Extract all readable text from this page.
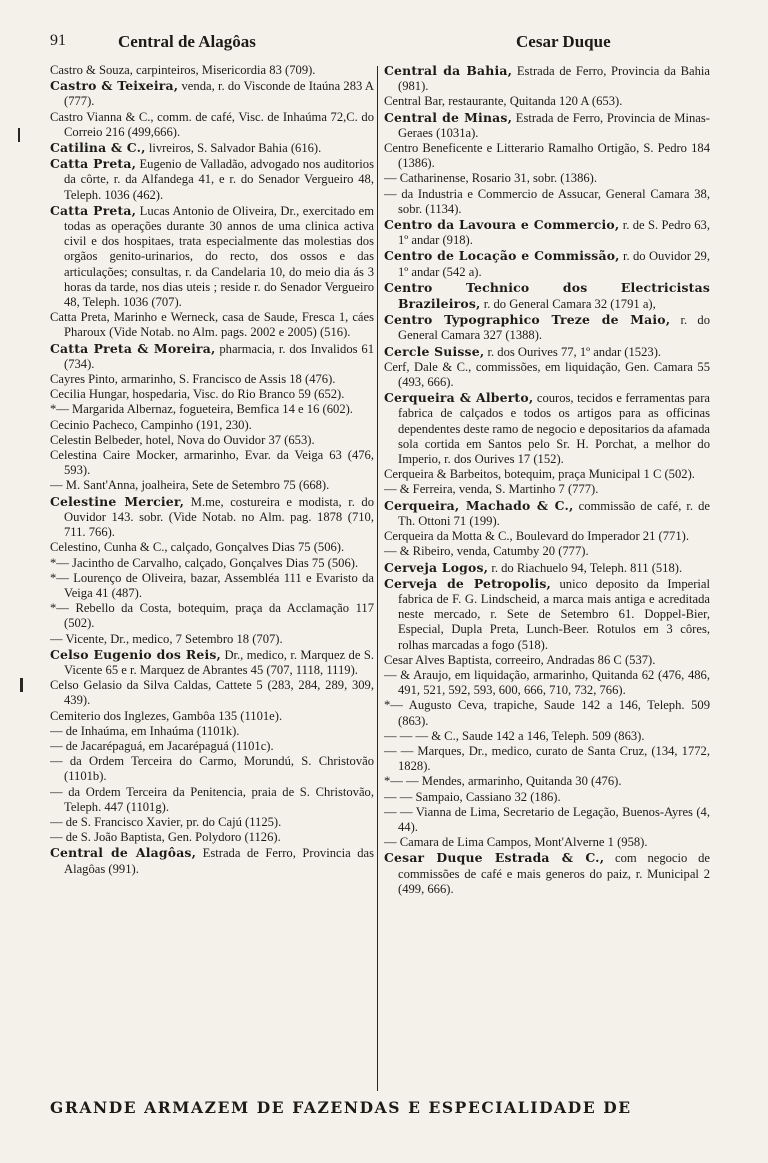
91	Central de Alagôas	Cesar Duque

Castro & Souza, carpinteiros, Misericordia 83 (709).

Castro & Teixeira, venda, r. do Visconde de Itaúna 283 A (777).

Castro Vianna & C., comm. de café, Visc. de Inhaúma 72,C. do Correio 216 (499,666).

Catilina & C., livreiros, S. Salvador Bahia (616).

Catta Preta, Eugenio de Valladão, advogado nos auditorios da côrte, r. da Alfandega 41, e r. do Senador Vergueiro 48, Teleph. 1036 (462).

Catta Preta, Lucas Antonio de Oliveira, Dr., exercitado em todas as operações durante 30 annos de uma clinica activa civil e dos hospitaes, trata especialmente das molestias dos orgãos genito-urinarios, do recto, dos ossos e das articulações; consultas, r. da Candelaria 10, do meio dia ás 3 horas da tarde, nos dias uteis ; reside r. do Senador Vergueiro 48, Teleph. 1036 (707).

Catta Preta, Marinho e Werneck, casa de Saude, Fresca 1, cáes Pharoux (Vide Notab. no Alm. pags. 2002 e 2005) (516).

Catta Preta & Moreira, pharmacia, r. dos Invalidos 61 (734).

Cayres Pinto, armarinho, S. Francisco de Assis 18 (476).

Cecilia Hungar, hospedaria, Visc. do Rio Branco 59 (652).

*— Margarida Albernaz, fogueteira, Bemfica 14 e 16 (602).

Cecinio Pacheco, Campinho (191, 230).

Celestin Belbeder, hotel, Nova do Ouvidor 37 (653).

Celestina Caire Mocker, armarinho, Evar. da Veiga 63 (476, 593).

— M. Sant'Anna, joalheira, Sete de Setembro 75 (668).

Celestine Mercier, M.me, costureira e modista, r. do Ouvidor 143. sobr. (Vide Notab. no Alm. pag. 1878 (710, 711. 766).

Celestino, Cunha & C., calçado, Gonçalves Dias 75 (506).

*— Jacintho de Carvalho, calçado, Gonçalves Dias 75 (506).

*— Lourenço de Oliveira, bazar, Assembléa 111 e Evaristo da Veiga 41 (487).

*— Rebello da Costa, botequim, praça da Acclamação 117 (502).

— Vicente, Dr., medico, 7 Setembro 18 (707).

Celso Eugenio dos Reis, Dr., medico, r. Marquez de S. Vicente 65 e r. Marquez de Abrantes 45 (707, 1118, 1119).

Celso Gelasio da Silva Caldas, Cattete 5 (283, 284, 289, 309, 439).

Cemiterio dos Inglezes, Gambôa 135 (1101e).

— de Inhaúma, em Inhaúma (1101k).

— de Jacarépaguá, em Jacarépaguá (1101c).

— da Ordem Terceira do Carmo, Morundú, S. Christovão (1101b).

— da Ordem Terceira da Penitencia, praia de S. Christovão, Teleph. 447 (1101g).

— de S. Francisco Xavier, pr. do Cajú (1125).

— de S. João Baptista, Gen. Polydoro (1126).

Central de Alagôas, Estrada de Ferro, Provincia das Alagôas (991).

Central da Bahia, Estrada de Ferro, Provincia da Bahia (981).

Central Bar, restaurante, Quitanda 120 A (653).

Central de Minas, Estrada de Ferro, Provincia de Minas-Geraes (1031a).

Centro Beneficente e Litterario Ramalho Ortigão, S. Pedro 184 (1386).

— Catharinense, Rosario 31, sobr. (1386).

— da Industria e Commercio de Assucar, General Camara 38, sobr. (1134).

Centro da Lavoura e Commercio, r. de S. Pedro 63, 1º andar (918).

Centro de Locação e Commissão, r. do Ouvidor 29, 1º andar (542 a).

Centro Technico dos Electricistas Brazileiros, r. do General Camara 32 (1791 a),

Centro Typographico Treze de Maio, r. do General Camara 327 (1388).

Cercle Suisse, r. dos Ourives 77, 1º andar (1523).

Cerf, Dale & C., commissões, em liquidação, Gen. Camara 55 (493, 666).

Cerqueira & Alberto, couros, tecidos e ferramentas para fabrica de calçados e todos os artigos para as officinas dependentes deste ramo de negocio e depositarios da afamada sola cortida em Santos pelo Sr. H. Porchat, a melhor do Imperio, r. dos Ourives 17 (152).

Cerqueira & Barbeitos, botequim, praça Municipal 1 C (502).

— & Ferreira, venda, S. Martinho 7 (777).

Cerqueira, Machado & C., commissão de café, r. de Th. Ottoni 71 (199).

Cerqueira da Motta & C., Boulevard do Imperador 21 (771).

— & Ribeiro, venda, Catumby 20 (777).

Cerveja Logos, r. do Riachuelo 94, Teleph. 811 (518).

Cerveja de Petropolis, unico deposito da Imperial fabrica de F. G. Lindscheid, a marca mais antiga e acreditada neste mercado, r. Sete de Setembro 61. Doppel-Bier, Especial, Dupla Preta, Lunch-Beer. Rotulos em 3 côres, rolhas marcadas a fogo (518).

Cesar Alves Baptista, correeiro, Andradas 86 C (537).

— & Araujo, em liquidação, armarinho, Quitanda 62 (476, 486, 491, 521, 592, 593, 600, 666, 710, 732, 766).

*— Augusto Ceva, trapiche, Saude 142 a 146, Teleph. 509 (863).

— — — & C., Saude 142 a 146, Teleph. 509 (863).

— — Marques, Dr., medico, curato de Santa Cruz, (134, 1772, 1828).

*— — Mendes, armarinho, Quitanda 30 (476).

— — Sampaio, Cassiano 32 (186).

— — Vianna de Lima, Secretario de Legação, Buenos-Ayres (4, 44).

— Camara de Lima Campos, Mont'Alverne 1 (958).

Cesar Duque Estrada & C., com negocio de commissões de café e mais generos do paiz, r. Municipal 2 (499, 666).

GRANDE ARMAZEM DE FAZENDAS E ESPECIALIDADE DE
